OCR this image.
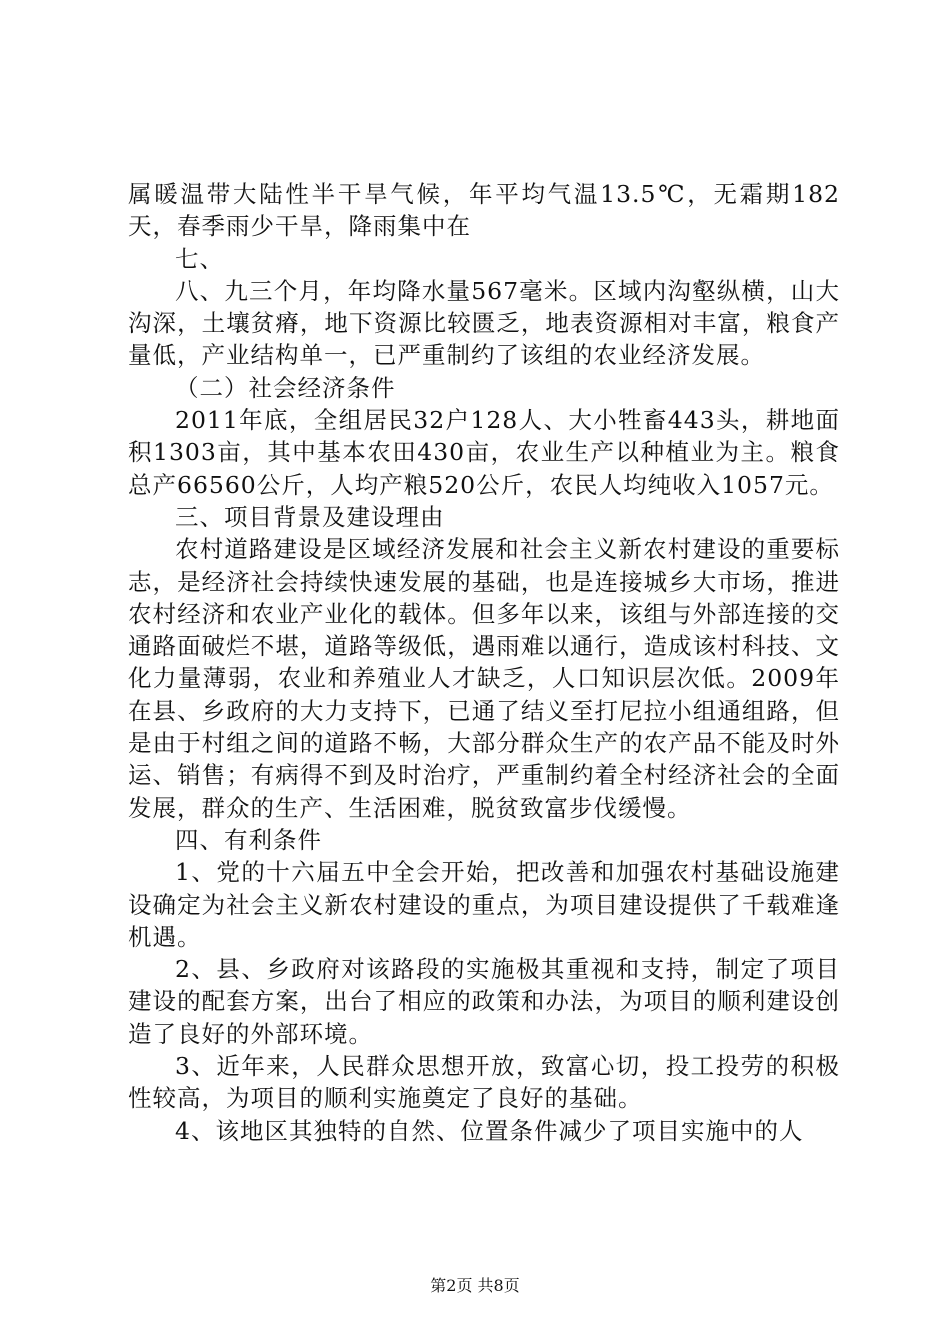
属暖温带大陆性半干旱气候，年平均气温13.5℃，无霜期182天，春季雨少干旱，降雨集中在

七、

八、九三个月，年均降水量567毫米。区域内沟壑纵横，山大沟深，土壤贫瘠，地下资源比较匮乏，地表资源相对丰富，粮食产量低，产业结构单一，已严重制约了该组的农业经济发展。

（二）社会经济条件

2011年底，全组居民32户128人、大小牲畜443头，耕地面积1303亩，其中基本农田430亩，农业生产以种植业为主。粮食总产66560公斤，人均产粮520公斤，农民人均纯收入1057元。

三、项目背景及建设理由

农村道路建设是区域经济发展和社会主义新农村建设的重要标志，是经济社会持续快速发展的基础，也是连接城乡大市场，推进农村经济和农业产业化的载体。但多年以来，该组与外部连接的交通路面破烂不堪，道路等级低，遇雨难以通行，造成该村科技、文化力量薄弱，农业和养殖业人才缺乏，人口知识层次低。2009年在县、乡政府的大力支持下，已通了结义至打尼拉小组通组路，但是由于村组之间的道路不畅，大部分群众生产的农产品不能及时外运、销售；有病得不到及时治疗，严重制约着全村经济社会的全面发展，群众的生产、生活困难，脱贫致富步伐缓慢。

四、有利条件

1、党的十六届五中全会开始，把改善和加强农村基础设施建设确定为社会主义新农村建设的重点，为项目建设提供了千载难逢机遇。

2、县、乡政府对该路段的实施极其重视和支持，制定了项目建设的配套方案，出台了相应的政策和办法，为项目的顺利建设创造了良好的外部环境。

3、近年来，人民群众思想开放，致富心切，投工投劳的积极性较高，为项目的顺利实施奠定了良好的基础。

4、该地区其独特的自然、位置条件减少了项目实施中的人

第2页 共8页
